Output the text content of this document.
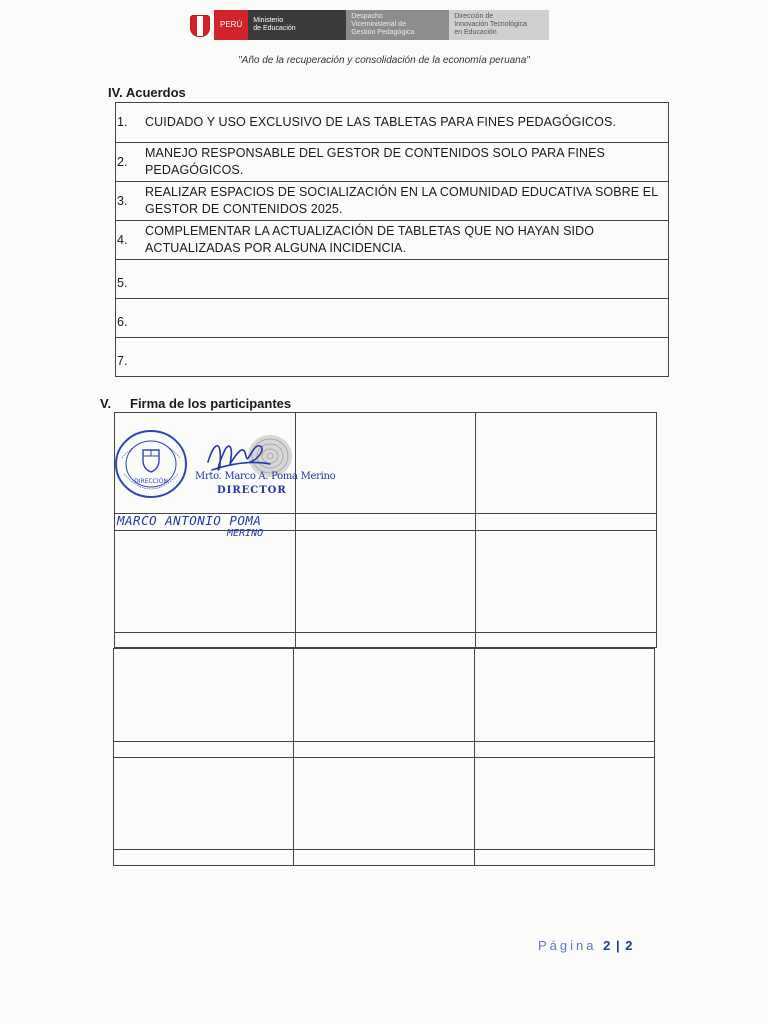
PERÚ Ministerio
de Educación
Despacho
Viceministerial de
Gestión Pedagógica
Dirección de
Innovación Tecnológica
en Educación
"Año de la recuperación y consolidación de la economía peruana"
IV. Acuerdos
1.	CUIDADO Y USO EXCLUSIVO DE LAS TABLETAS PARA FINES PEDAGÓGICOS.
2.
MANEJO RESPONSABLE DEL GESTOR DE CONTENIDOS SOLO PARA FINES PEDAGÓGICOS.
3.
REALIZAR ESPACIOS DE SOCIALIZACIÓN EN LA COMUNIDAD EDUCATIVA SOBRE EL GESTOR DE CONTENIDOS 2025.
4.
COMPLEMENTAR LA ACTUALIZACIÓN DE TABLETAS QUE NO HAYAN SIDO ACTUALIZADAS POR ALGUNA INCIDENCIA.
5.
6.
7.
V. Firma de los participantes
DIRECCIÓN	Mrto. Marco A. Poma Merino
DIRECTOR
MARCO ANTONIO POMA
MERINO
Página 2 | 2
